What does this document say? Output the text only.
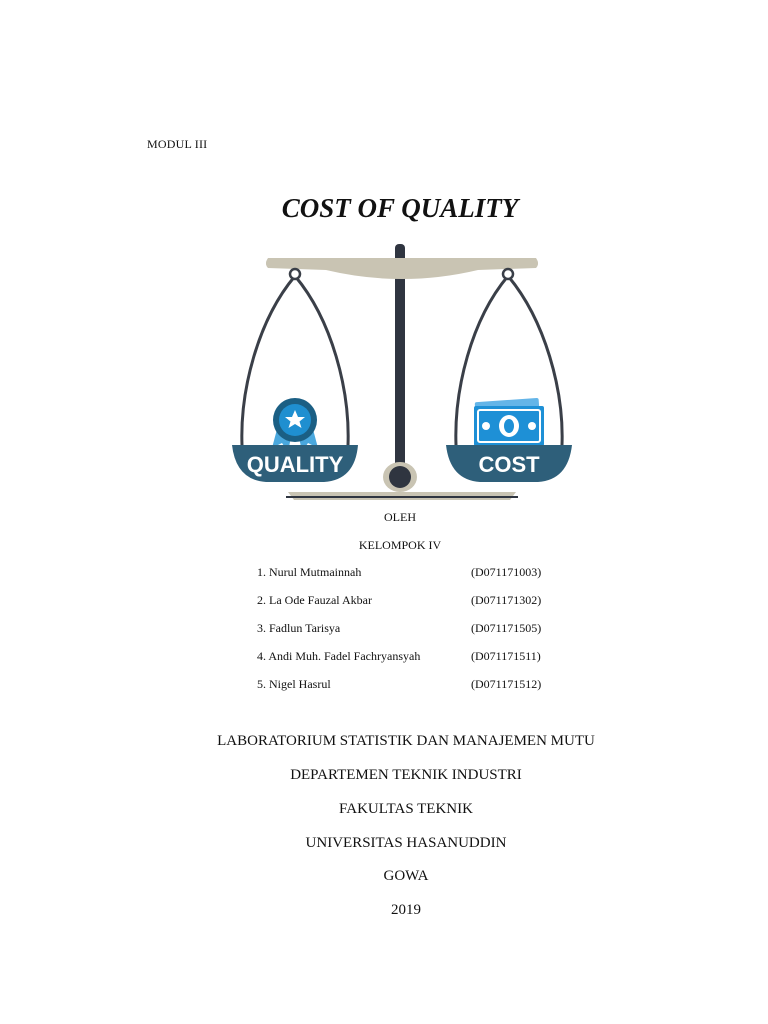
MODUL III
COST OF QUALITY
QUALITY	COST
OLEH
KELOMPOK IV
1. Nurul Mutmainnah	(D071171003)
2. La Ode Fauzal Akbar	(D071171302)
3. Fadlun Tarisya	(D071171505)
4. Andi Muh. Fadel Fachryansyah	(D071171511)
5. Nigel Hasrul	(D071171512)
LABORATORIUM STATISTIK DAN MANAJEMEN MUTU
DEPARTEMEN TEKNIK INDUSTRI
FAKULTAS TEKNIK
UNIVERSITAS HASANUDDIN
GOWA
2019
